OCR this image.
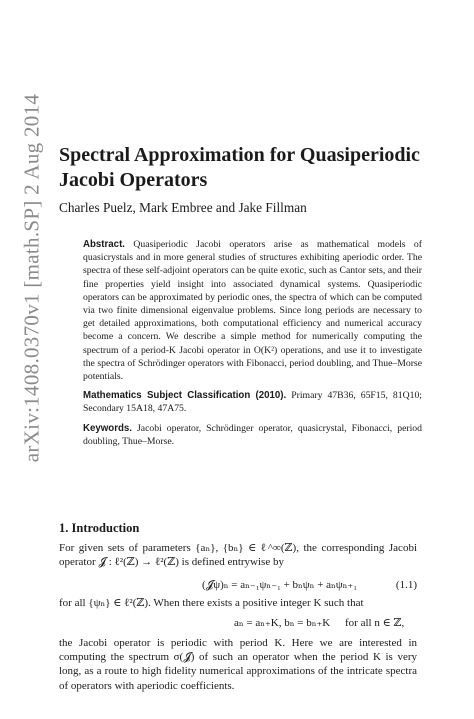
arXiv:1408.0370v1 [math.SP] 2 Aug 2014 Spectral Approximation for Quasiperiodic
Jacobi Operators
Charles Puelz, Mark Embree and Jake Fillman

Abstract. Quasiperiodic Jacobi operators arise as mathematical models of quasicrystals and in more general studies of structures exhibiting aperiodic order. The spectra of these self-adjoint operators can be quite exotic, such as Cantor sets, and their fine properties yield insight into associated dynamical systems. Quasiperiodic operators can be approximated by periodic ones, the spectra of which can be computed via two finite dimensional eigenvalue problems. Since long periods are necessary to get detailed approximations, both computational efficiency and numerical accuracy become a concern. We describe a simple method for numerically computing the spectrum of a period-K Jacobi operator in O(K²) operations, and use it to investigate the spectra of Schrödinger operators with Fibonacci, period doubling, and Thue–Morse potentials.

Mathematics Subject Classification (2010). Primary 47B36, 65F15, 81Q10; Secondary 15A18, 47A75.

Keywords. Jacobi operator, Schrödinger operator, quasicrystal, Fibonacci, period doubling, Thue–Morse.

1. Introduction

For given sets of parameters {aₙ}, {bₙ} ∈ ℓ^∞(ℤ), the corresponding Jacobi operator 𝓙 : ℓ²(ℤ) → ℓ²(ℤ) is defined entrywise by

(𝓙ψ)ₙ = aₙ₋₁ψₙ₋₁ + bₙψₙ + aₙψₙ₊₁	(1.1)

for all {ψₙ} ∈ ℓ²(ℤ). When there exists a positive integer K such that

aₙ = aₙ₊K, bₙ = bₙ₊K for all n ∈ ℤ,

the Jacobi operator is periodic with period K. Here we are interested in computing the spectrum σ(𝓙) of such an operator when the period K is very long, as a route to high fidelity numerical approximations of the intricate spectra of operators with aperiodic coefficients.
